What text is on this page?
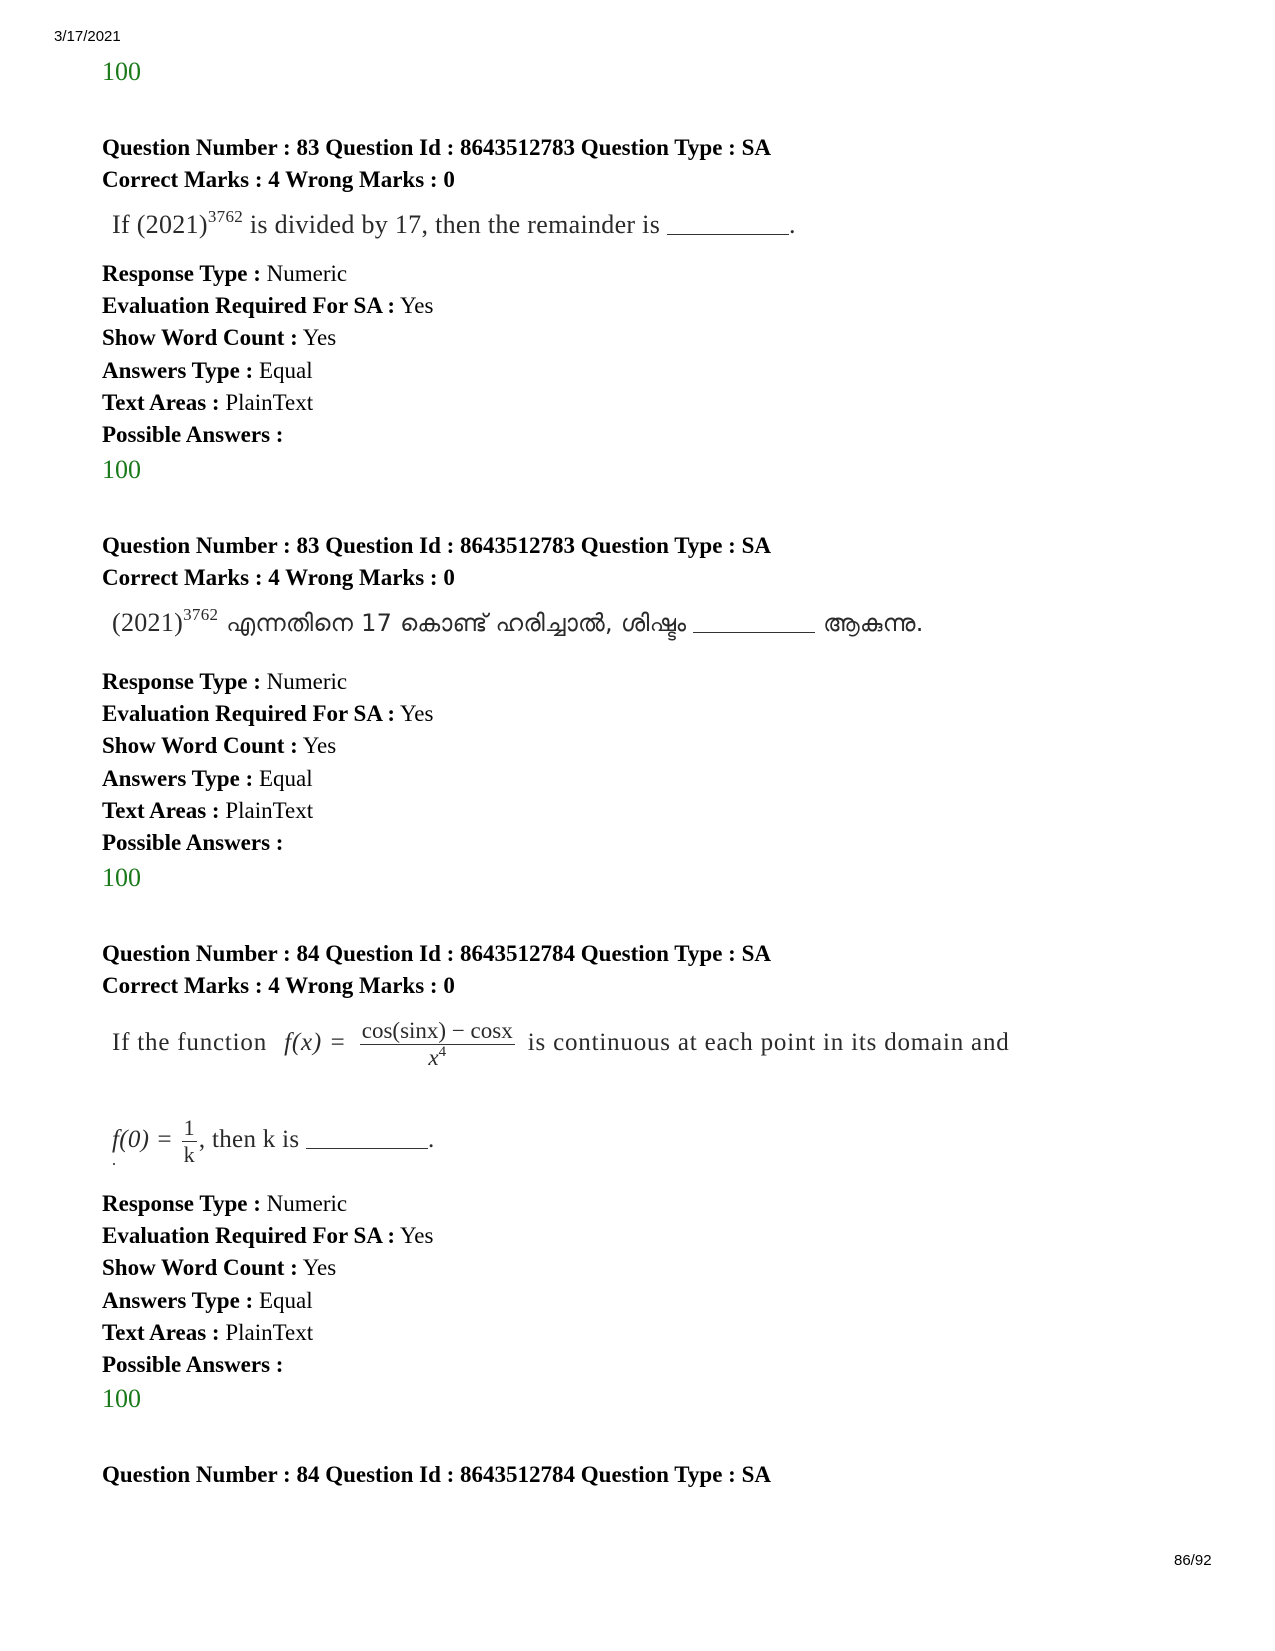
3/17/2021
100
Question Number : 83 Question Id : 8643512783 Question Type : SA
Correct Marks : 4 Wrong Marks : 0
If $(2021)^{3762}$ is divided by 17, then the remainder is	.
Response Type : Numeric
Evaluation Required For SA : Yes
Show Word Count : Yes
Answers Type : Equal
Text Areas : PlainText
Possible Answers :
100
Question Number : 83 Question Id : 8643512783 Question Type : SA
Correct Marks : 4 Wrong Marks : 0
$(2021)^{3762}$ എന്നതിനെ 17 കൊണ്ട് ഹരിച്ചാൽ, ശിഷ്ടം	ആകുന്നു.
Response Type : Numeric
Evaluation Required For SA : Yes
Show Word Count : Yes
Answers Type : Equal
Text Areas : PlainText
Possible Answers :
100
Question Number : 84 Question Id : 8643512784 Question Type : SA
Correct Marks : 4 Wrong Marks : 0
If the function $f(x) = \frac{\cos(\sin x) - \cos x}{x^4}$ is continuous at each point in its domain and
$f(0) = \frac{1}{k}$ , then k is	.
Response Type : Numeric
Evaluation Required For SA : Yes
Show Word Count : Yes
Answers Type : Equal
Text Areas : PlainText
Possible Answers :
100
Question Number : 84 Question Id : 8643512784 Question Type : SA
86/92
